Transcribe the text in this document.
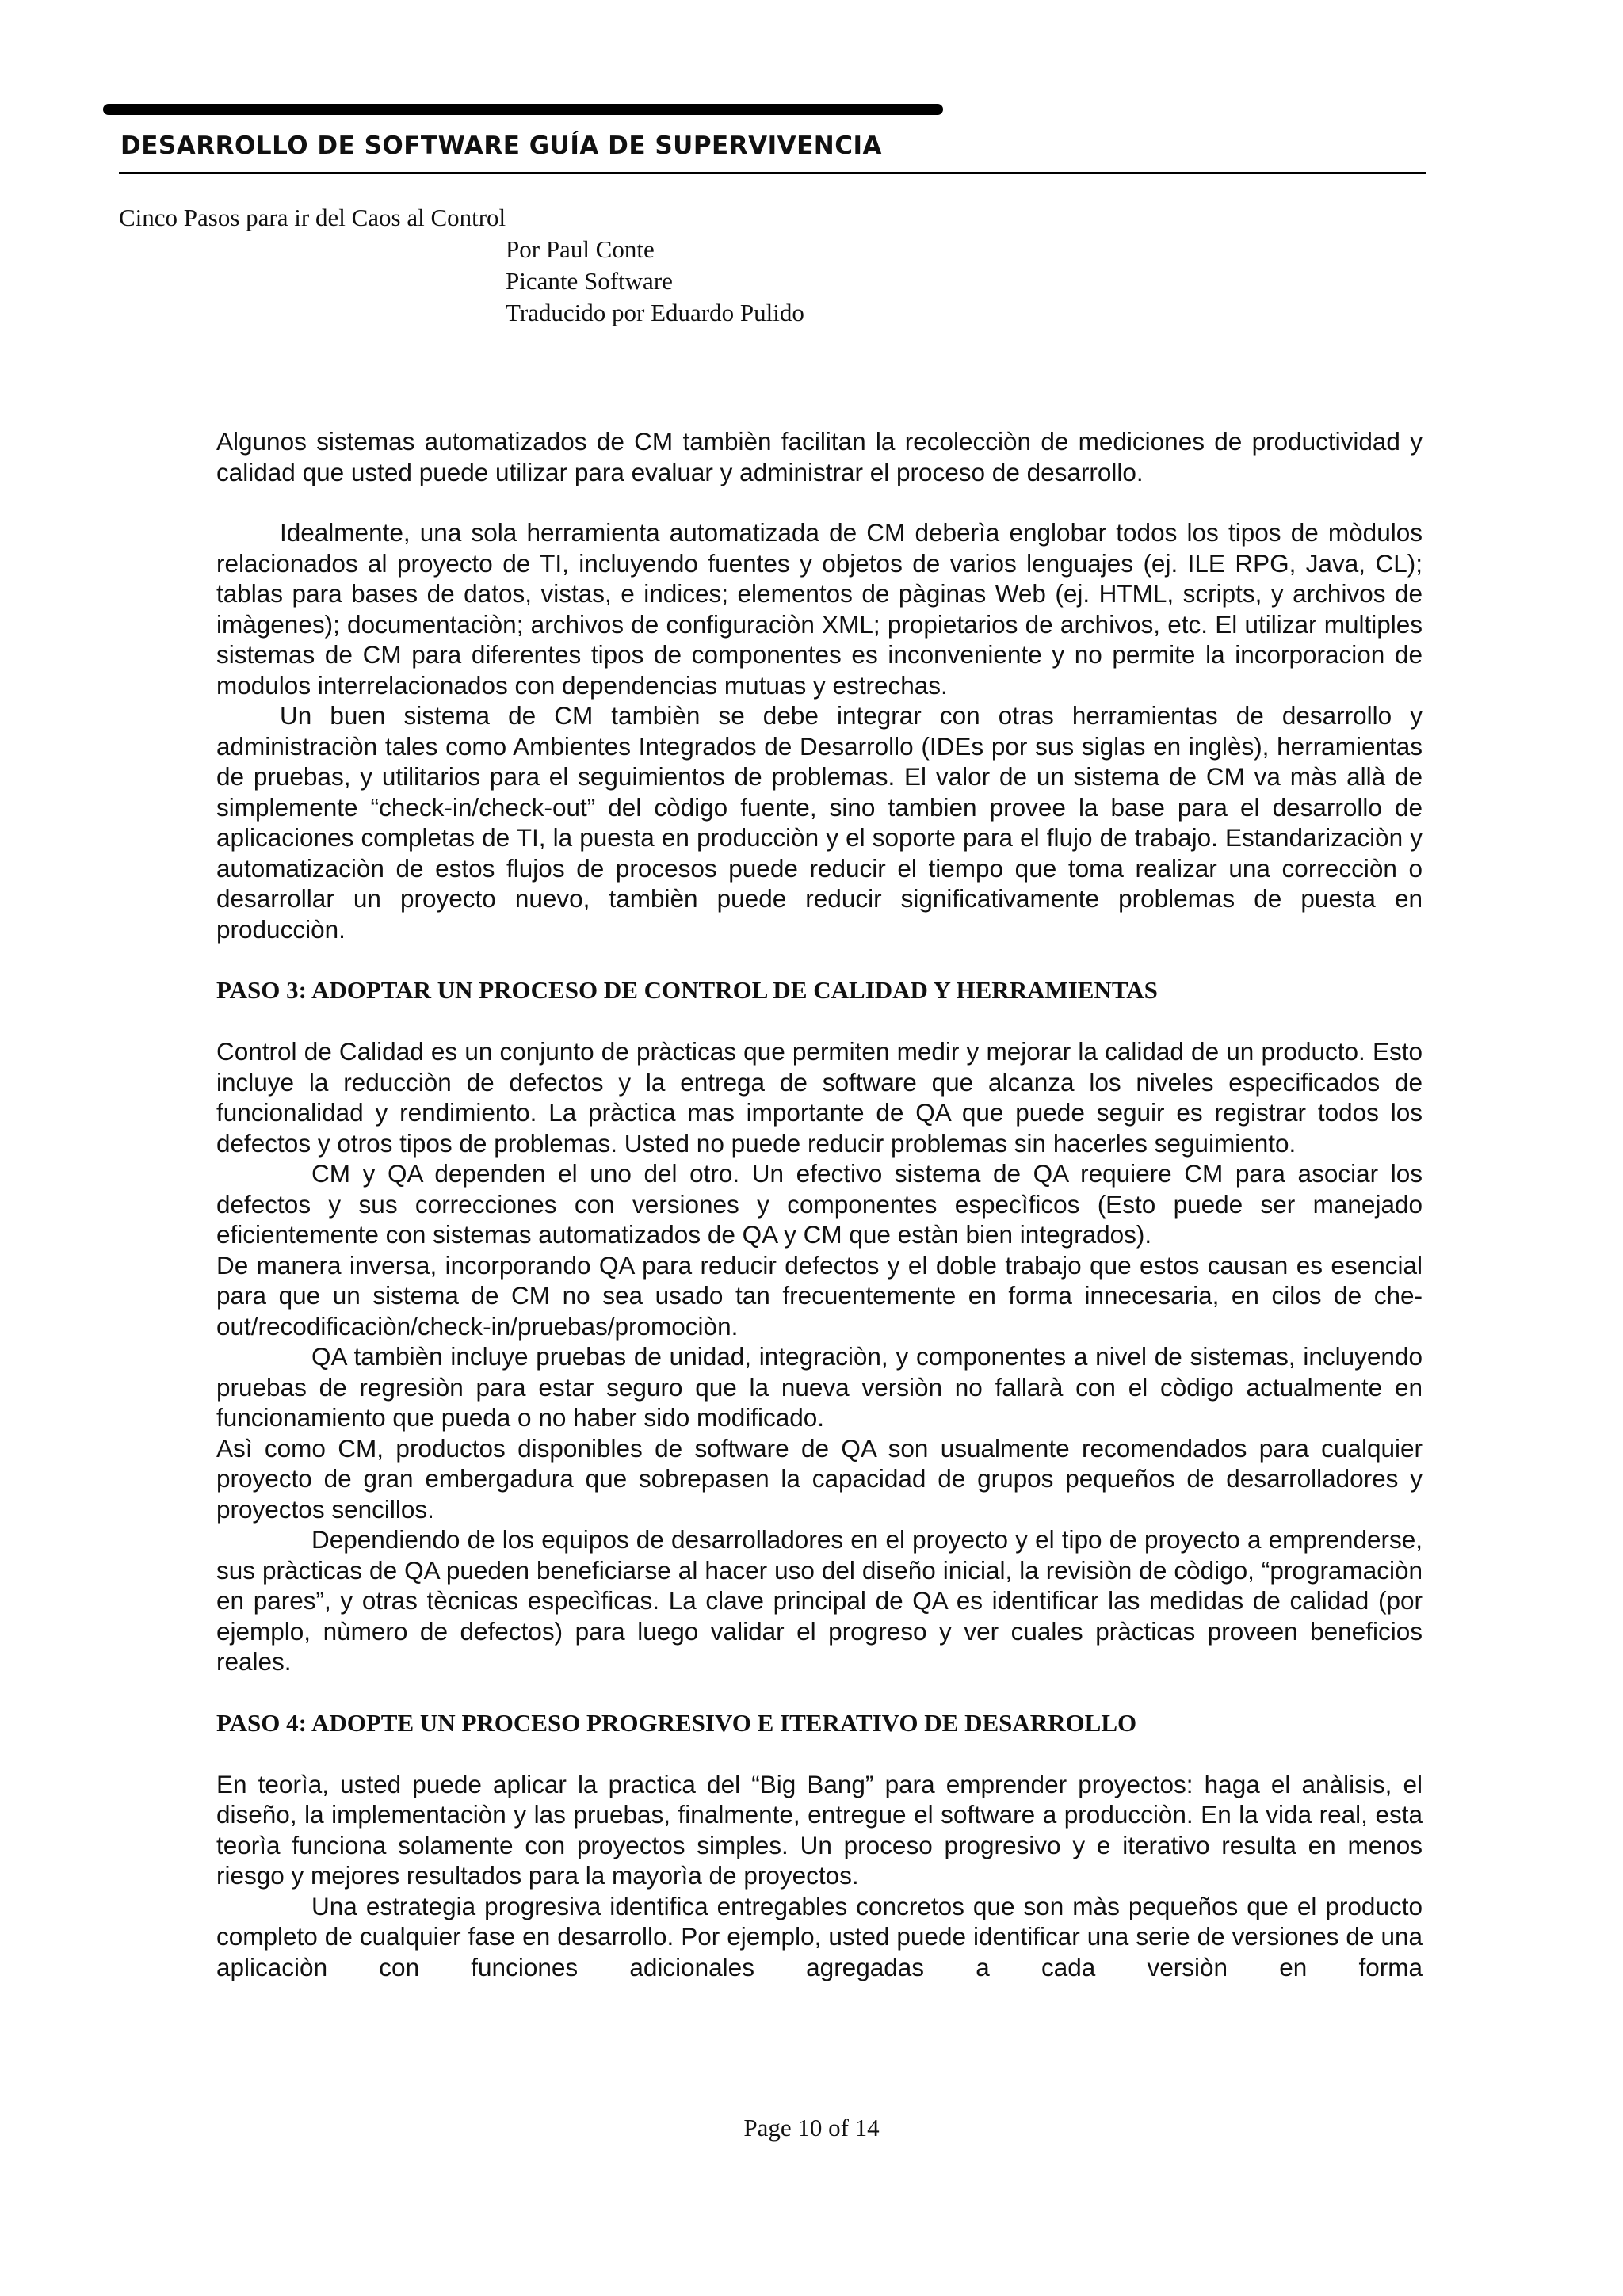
DESARROLLO DE SOFTWARE GUÍA DE SUPERVIVENCIA
Cinco Pasos para ir del Caos al Control
Por Paul Conte
Picante Software
Traducido por Eduardo Pulido

Algunos sistemas automatizados de CM tambièn facilitan la recolecciòn de mediciones de productividad y calidad que usted puede utilizar para evaluar y administrar el proceso de desarrollo.

Idealmente, una sola herramienta automatizada de CM deberìa englobar todos los tipos de mòdulos relacionados al proyecto de TI, incluyendo fuentes y objetos de varios lenguajes (ej. ILE RPG, Java, CL); tablas para bases de datos, vistas, e indices; elementos de pàginas Web (ej. HTML, scripts, y archivos de imàgenes); documentaciòn; archivos de configuraciòn XML; propietarios de archivos, etc. El utilizar multiples sistemas de CM para diferentes tipos de componentes es inconveniente y no permite la incorporacion de modulos interrelacionados con dependencias mutuas y estrechas.

Un buen sistema de CM tambièn se debe integrar con otras herramientas de desarrollo y administraciòn tales como Ambientes Integrados de Desarrollo (IDEs por sus siglas en inglès), herramientas de pruebas, y utilitarios para el seguimientos de problemas. El valor de un sistema de CM va màs allà de simplemente “check-in/check-out” del còdigo fuente, sino tambien provee la base para el desarrollo de aplicaciones completas de TI, la puesta en producciòn y el soporte para el flujo de trabajo. Estandarizaciòn y automatizaciòn de estos flujos de procesos puede reducir el tiempo que toma realizar una correcciòn o desarrollar un proyecto nuevo, tambièn puede reducir significativamente problemas de puesta en producciòn.

PASO 3: ADOPTAR UN PROCESO DE CONTROL DE CALIDAD Y HERRAMIENTAS

Control de Calidad es un conjunto de pràcticas que permiten medir y mejorar la calidad de un producto. Esto incluye la reducciòn de defectos y la entrega de software que alcanza los niveles especificados de funcionalidad y rendimiento. La pràctica mas importante de QA que puede seguir es registrar todos los defectos y otros tipos de problemas. Usted no puede reducir problemas sin hacerles seguimiento.

CM y QA dependen el uno del otro. Un efectivo sistema de QA requiere CM para asociar los defectos y sus correcciones con versiones y componentes especìficos (Esto puede ser manejado eficientemente con sistemas automatizados de QA y CM que estàn bien integrados).

De manera inversa, incorporando QA para reducir defectos y el doble trabajo que estos causan es esencial para que un sistema de CM no sea usado tan frecuentemente en forma innecesaria, en cilos de che-out/recodificaciòn/check-in/pruebas/promociòn.

QA tambièn incluye pruebas de unidad, integraciòn, y componentes a nivel de sistemas, incluyendo pruebas de regresiòn para estar seguro que la nueva versiòn no fallarà con el còdigo actualmente en funcionamiento que pueda o no haber sido modificado.

Asì como CM, productos disponibles de software de QA son usualmente recomendados para cualquier proyecto de gran embergadura que sobrepasen la capacidad de grupos pequeños de desarrolladores y proyectos sencillos.

Dependiendo de los equipos de desarrolladores en el proyecto y el tipo de proyecto a emprenderse, sus pràcticas de QA pueden beneficiarse al hacer uso del diseño inicial, la revisiòn de còdigo, “programaciòn en pares”, y otras tècnicas especìficas. La clave principal de QA es identificar las medidas de calidad (por ejemplo, nùmero de defectos) para luego validar el progreso y ver cuales pràcticas proveen beneficios reales.

PASO 4: ADOPTE UN PROCESO PROGRESIVO E ITERATIVO DE DESARROLLO

En teorìa, usted puede aplicar la practica del “Big Bang” para emprender proyectos: haga el anàlisis, el diseño, la implementaciòn y las pruebas, finalmente, entregue el software a producciòn. En la vida real, esta teorìa funciona solamente con proyectos simples. Un proceso progresivo y e iterativo resulta en menos riesgo y mejores resultados para la mayorìa de proyectos.

Una estrategia progresiva identifica entregables concretos que son màs pequeños que el producto completo de cualquier fase en desarrollo. Por ejemplo, usted puede identificar una serie de versiones de una aplicaciòn con funciones adicionales agregadas a cada versiòn en forma

Page 10 of 14
